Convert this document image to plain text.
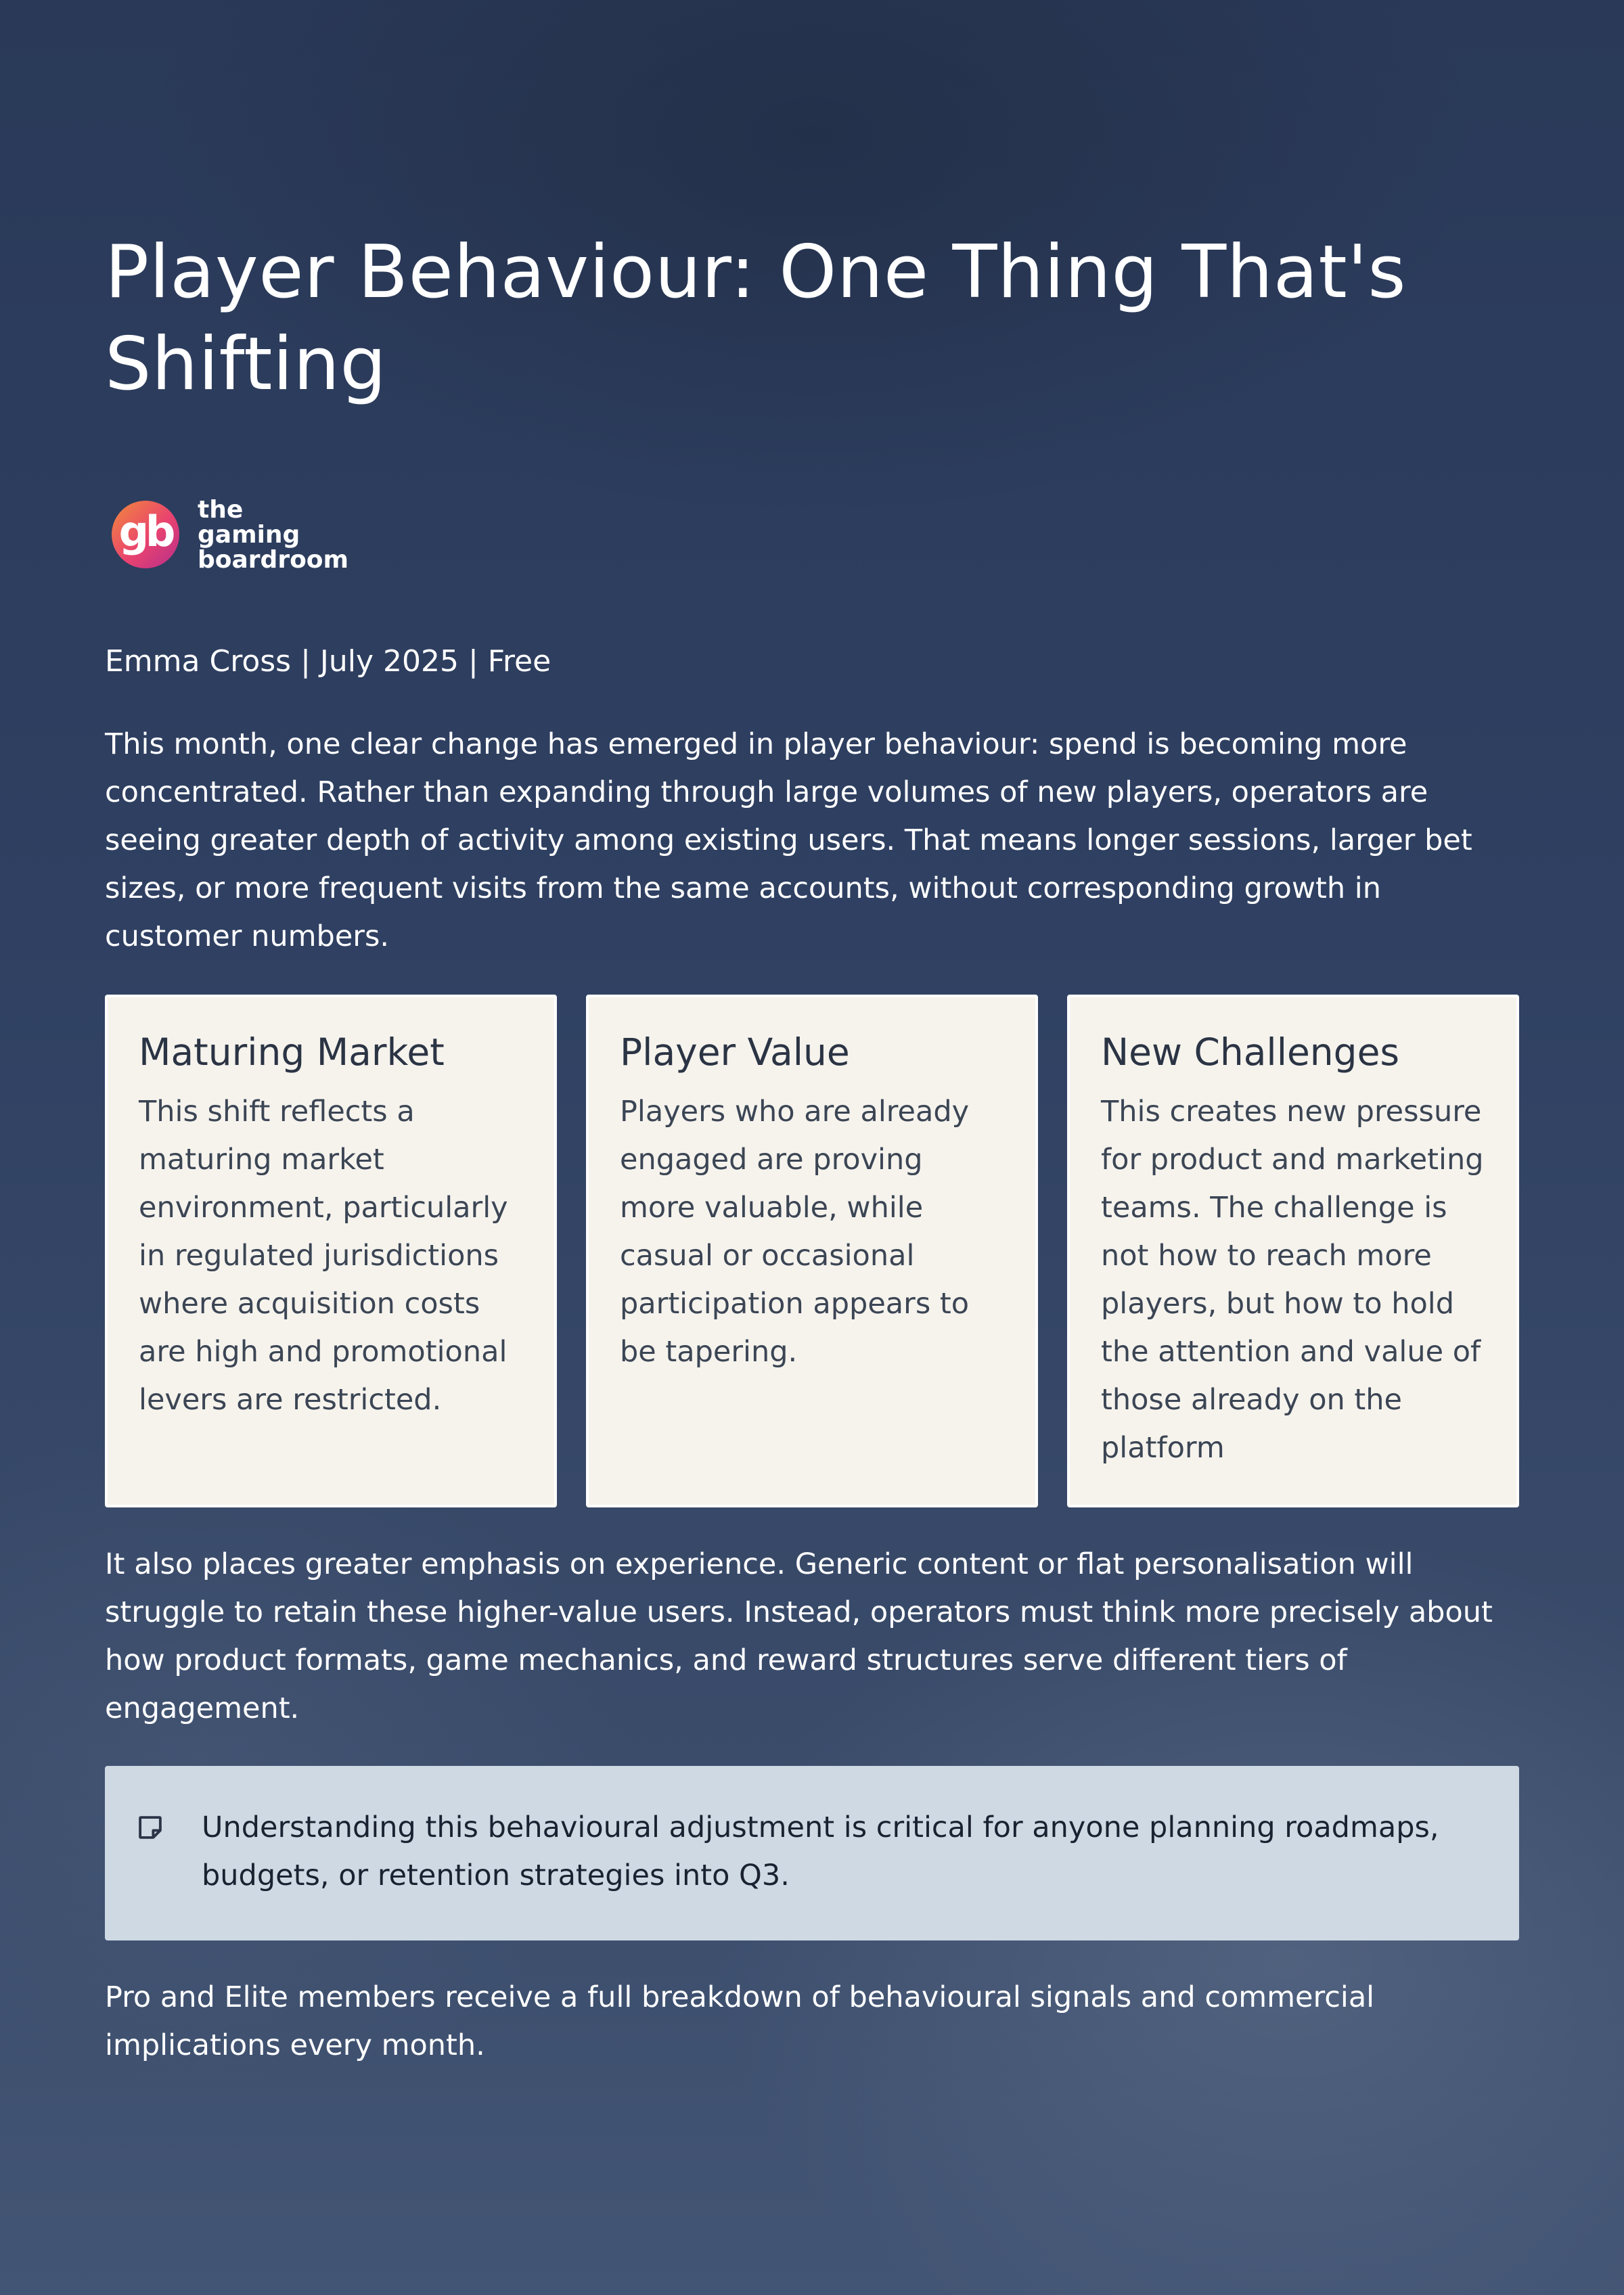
Player Behaviour: One Thing That's Shifting
gb the
gaming
boardroom
Emma Cross | July 2025 | Free

This month, one clear change has emerged in player behaviour: spend is becoming more concentrated. Rather than expanding through large volumes of new players, operators are seeing greater depth of activity among existing users. That means longer sessions, larger bet sizes, or more frequent visits from the same accounts, without corresponding growth in customer numbers.

Maturing Market

This shift reflects a maturing market environment, particularly in regulated jurisdictions where acquisition costs are high and promotional levers are restricted.

Player Value

Players who are already engaged are proving more valuable, while casual or occasional participation appears to be tapering.

New Challenges

This creates new pressure for product and marketing teams. The challenge is not how to reach more players, but how to hold the attention and value of those already on the platform

It also places greater emphasis on experience. Generic content or flat personalisation will struggle to retain these higher-value users. Instead, operators must think more precisely about how product formats, game mechanics, and reward structures serve different tiers of engagement.

Understanding this behavioural adjustment is critical for anyone planning roadmaps, budgets, or retention strategies into Q3.

Pro and Elite members receive a full breakdown of behavioural signals and commercial implications every month.
